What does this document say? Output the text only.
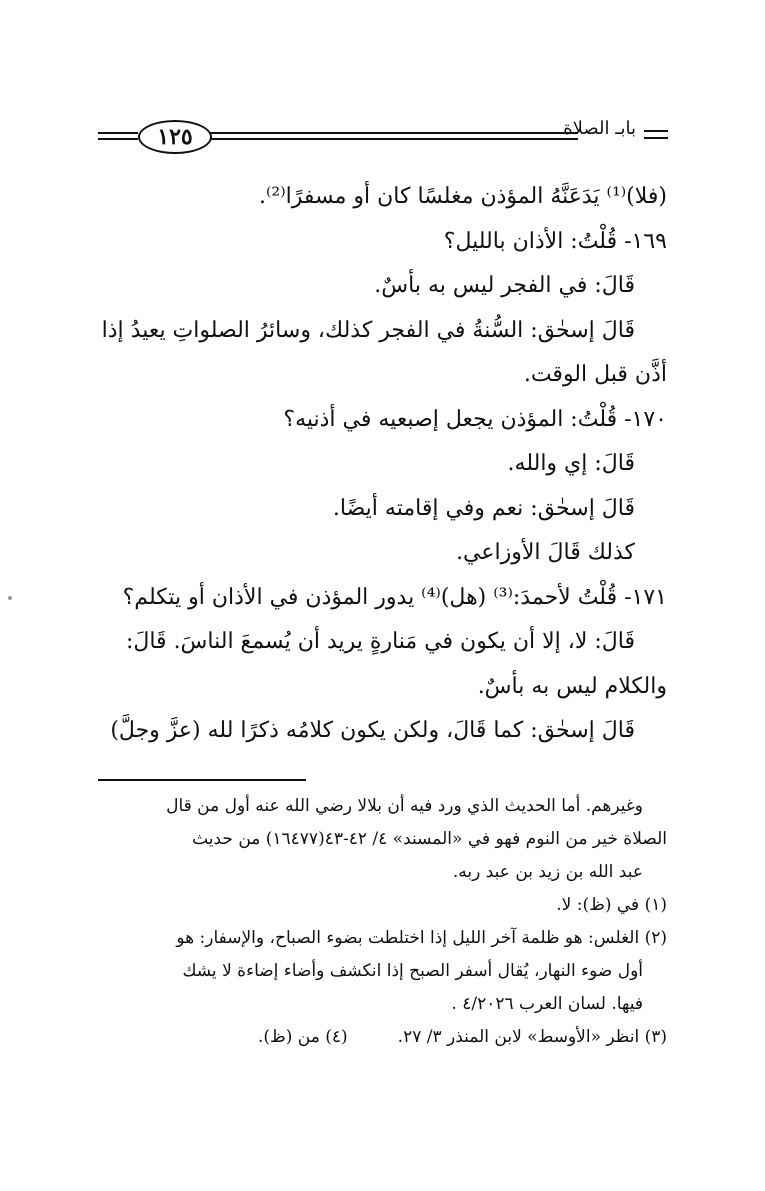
١٢٥	بابـ الصلاة

(فلا)⁽¹⁾ يَدَعَنَّهُ المؤذن مغلسًا كان أو مسفرًا⁽²⁾.

١٦٩- قُلْتُ: الأذان بالليل؟

قَالَ: في الفجر ليس به بأسٌ.

قَالَ إسحٰق: السُّنةُ في الفجر كذلك، وسائرُ الصلواتِ يعيدُ إذا

أذَّن قبل الوقت.

١٧٠- قُلْتُ: المؤذن يجعل إصبعيه في أذنيه؟

قَالَ: إي والله.

قَالَ إسحٰق: نعم وفي إقامته أيضًا.

كذلك قَالَ الأوزاعي.

١٧١- قُلْتُ لأحمدَ:⁽³⁾ (هل)⁽⁴⁾ يدور المؤذن في الأذان أو يتكلم؟

قَالَ: لا، إلا أن يكون في مَنارةٍ يريد أن يُسمعَ الناسَ. قَالَ:

والكلام ليس به بأسٌ.

قَالَ إسحٰق: كما قَالَ، ولكن يكون كلامُه ذكرًا لله (عزَّ وجلَّ)

وغيرهم. أما الحديث الذي ورد فيه أن بلالا رضي الله عنه أول من قال

الصلاة خير من النوم فهو في «المسند» ٤/ ٤٢-٤٣(١٦٤٧٧) من حديث

عبد الله بن زيد بن عبد ربه.

(١) في (ظ): لا.

(٢) الغلس: هو ظلمة آخر الليل إذا اختلطت بضوء الصباح، والإسفار: هو

أول ضوء النهار، يُقال أسفر الصبح إذا انكشف وأضاء إضاءة لا يشك

فيها. لسان العرب ٤/٢٠٢٦ .

(٣) انظر «الأوسط» لابن المنذر ٣/ ٢٧.
(٤) من (ظ).
